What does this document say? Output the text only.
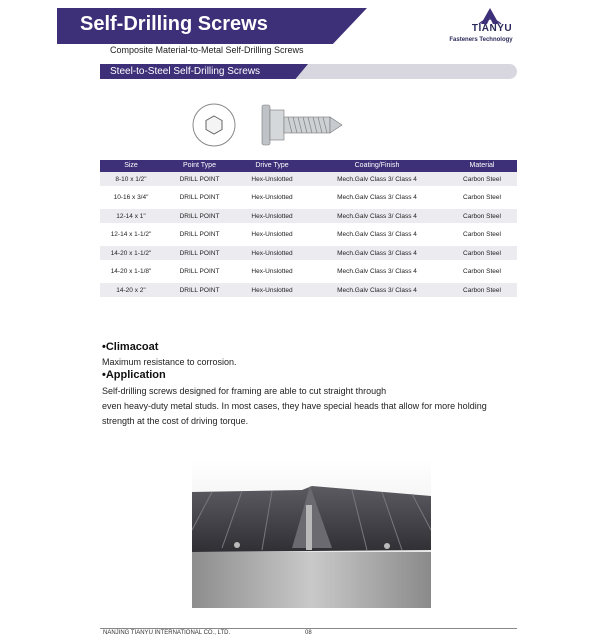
Self-Drilling Screws	TIANYU
Fasteners Technology
Composite Material-to-Metal Self-Drilling Screws
Steel-to-Steel Self-Drilling Screws
Size	Point Type	Drive Type	Coating/Finish	Material
8-10 x 1/2"	DRILL POINT	Hex-Unslotted	Mech.Galv Class 3/ Class 4	Carbon Steel
10-16 x 3/4"	DRILL POINT	Hex-Unslotted	Mech.Galv Class 3/ Class 4	Carbon Steel
12-14 x 1"	DRILL POINT	Hex-Unslotted	Mech.Galv Class 3/ Class 4	Carbon Steel
12-14 x 1-1/2"	DRILL POINT	Hex-Unslotted	Mech.Galv Class 3/ Class 4	Carbon Steel
14-20 x 1-1/2"	DRILL POINT	Hex-Unslotted	Mech.Galv Class 3/ Class 4	Carbon Steel
14-20 x 1-1/8"	DRILL POINT	Hex-Unslotted	Mech.Galv Class 3/ Class 4	Carbon Steel
14-20 x 2"	DRILL POINT	Hex-Unslotted	Mech.Galv Class 3/ Class 4	Carbon Steel
•Climacoat
Maximum resistance to corrosion.
•Application
Self-drilling screws designed for framing are able to cut straight through
even heavy-duty metal studs. In most cases, they have special heads that allow for more holding
strength at the cost of driving torque.
NANJING TIANYU INTERNATIONAL CO., LTD.	08
